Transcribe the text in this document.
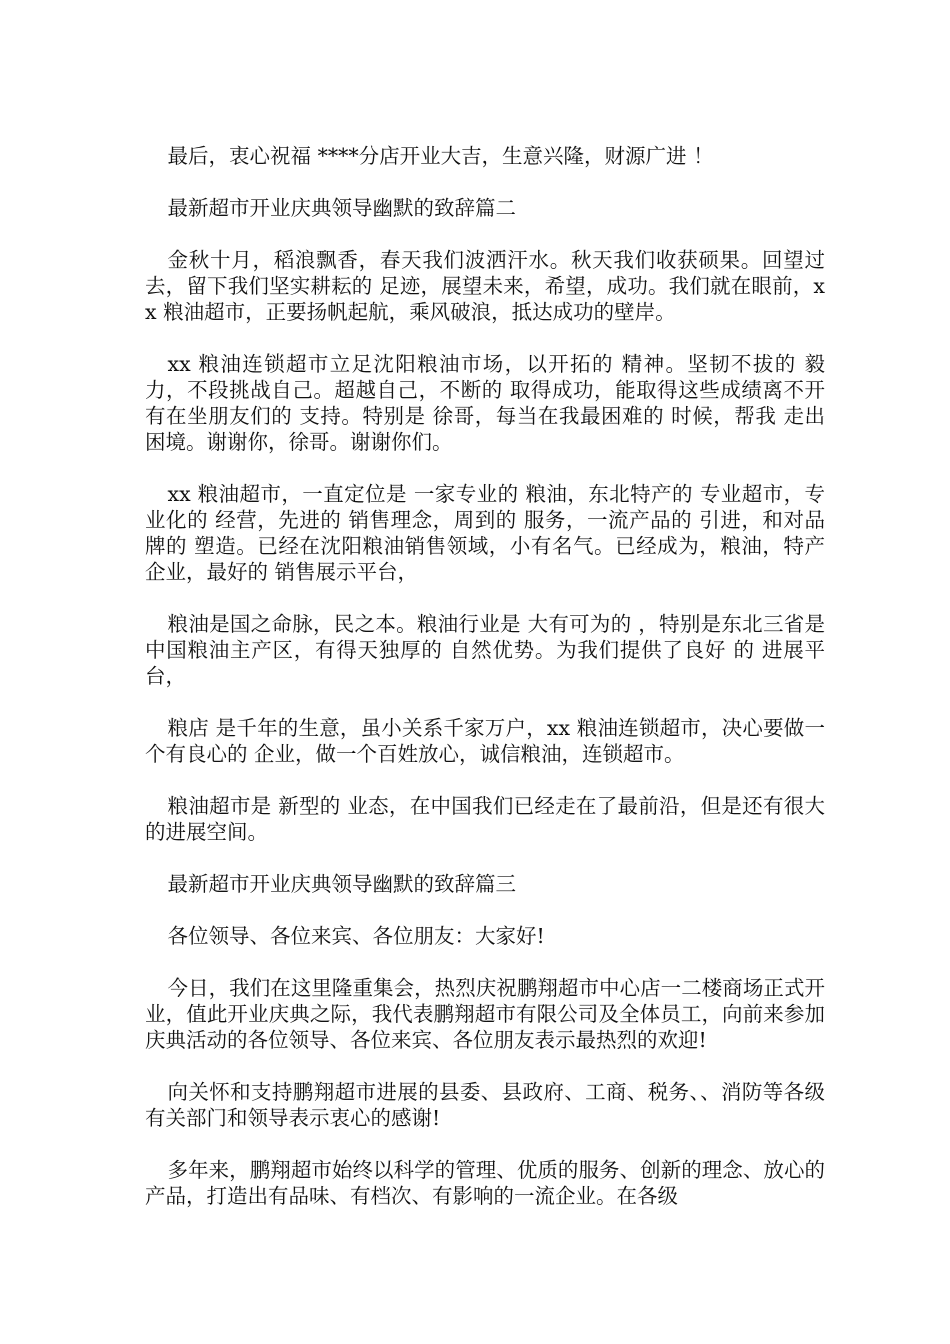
最后，衷心祝福 ****分店开业大吉，生意兴隆，财源广进 ！

最新超市开业庆典领导幽默的致辞篇二

金秋十月，稻浪飘香，春天我们波洒汗水。秋天我们收获硕果。回望过去，留下我们坚实耕耘的 足迹，展望未来，希望，成功。我们就在眼前，xx 粮油超市，正要扬帆起航，乘风破浪，抵达成功的壁岸。

xx 粮油连锁超市立足沈阳粮油市场，以开拓的 精神。坚韧不拔的 毅力，不段挑战自己。超越自己，不断的 取得成功，能取得这些成绩离不开有在坐朋友们的 支持。特别是 徐哥，每当在我最困难的 时候，帮我 走出困境。谢谢你，徐哥。谢谢你们。

xx 粮油超市，一直定位是 一家专业的 粮油，东北特产的 专业超市，专业化的 经营，先进的 销售理念，周到的 服务，一流产品的 引进，和对品牌的 塑造。已经在沈阳粮油销售领域，小有名气。已经成为，粮油，特产企业，最好的 销售展示平台，

粮油是国之命脉，民之本。粮油行业是 大有可为的 ，特别是东北三省是 中国粮油主产区，有得天独厚的 自然优势。为我们提供了良好 的 进展平台，

粮店 是千年的生意，虽小关系千家万户，xx 粮油连锁超市，决心要做一个有良心的 企业，做一个百姓放心，诚信粮油，连锁超市。

粮油超市是 新型的 业态，在中国我们已经走在了最前沿，但是还有很大的进展空间。

最新超市开业庆典领导幽默的致辞篇三

各位领导、各位来宾、各位朋友：大家好!

今日，我们在这里隆重集会，热烈庆祝鹏翔超市中心店一二楼商场正式开业，值此开业庆典之际，我代表鹏翔超市有限公司及全体员工，向前来参加庆典活动的各位领导、各位来宾、各位朋友表示最热烈的欢迎!

向关怀和支持鹏翔超市进展的县委、县政府、工商、税务、、消防等各级有关部门和领导表示衷心的感谢!

多年来，鹏翔超市始终以科学的管理、优质的服务、创新的理念、放心的产品，打造出有品味、有档次、有影响的一流企业。在各级
